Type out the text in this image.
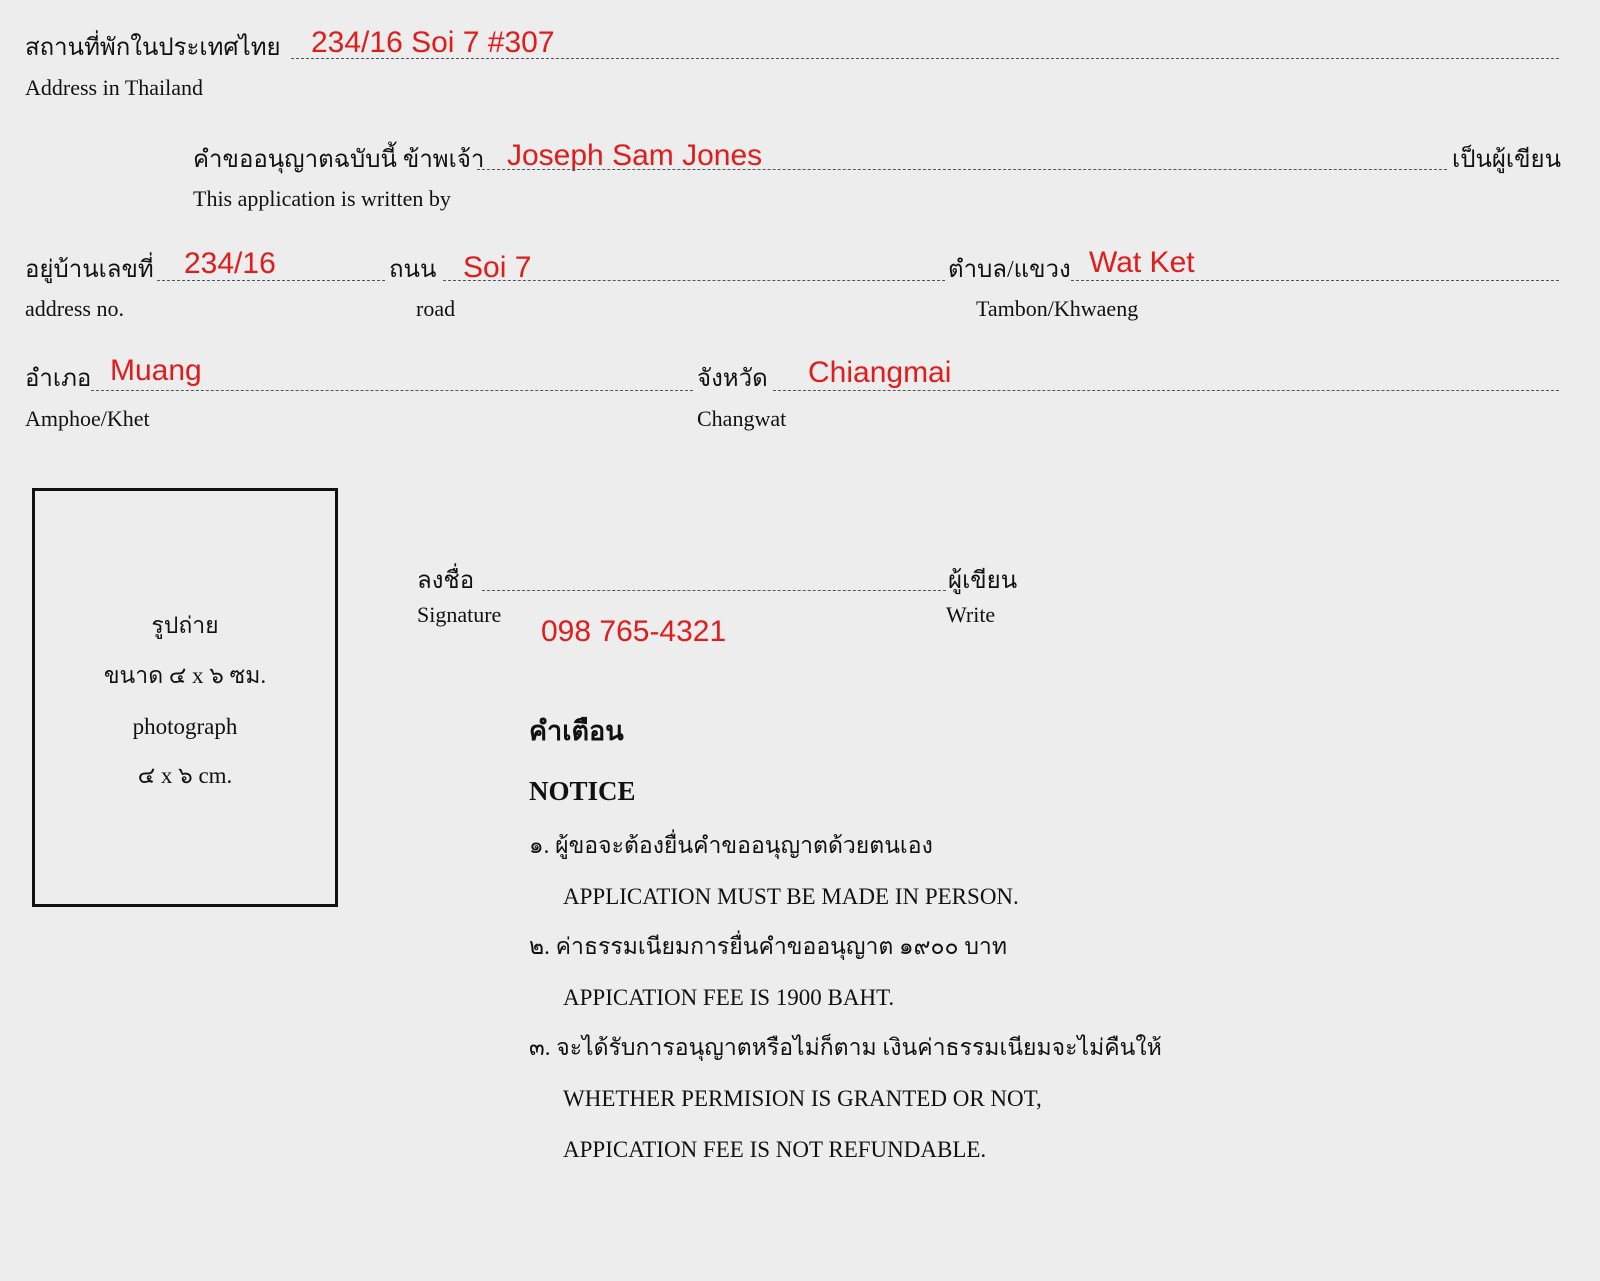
สถานที่พักในประเทศไทย 234/16 Soi 7 #307
Address in Thailand
คำขออนุญาตฉบับนี้ ข้าพเจ้า Joseph Sam Jones	เป็นผู้เขียน
This application is written by
อยู่บ้านเลขที่ 234/16
address no.
ถนน Soi 7
road
ตำบล/แขวง Wat Ket
Tambon/Khwaeng
อำเภอ Muang
Amphoe/Khet
จังหวัด Chiangmai
Changwat
รูปถ่าย
ขนาด ๔ x ๖ ซม.
photograph
๔ x ๖ cm.
ลงชื่อ	ผู้เขียน
Signature	Write
098 765-4321
คำเตือน
NOTICE
๑. ผู้ขอจะต้องยื่นคำขออนุญาตด้วยตนเอง
APPLICATION MUST BE MADE IN PERSON.
๒. ค่าธรรมเนียมการยื่นคำขออนุญาต ๑๙๐๐ บาท
APPICATION FEE IS 1900 BAHT.
๓. จะได้รับการอนุญาตหรือไม่ก็ตาม เงินค่าธรรมเนียมจะไม่คืนให้
WHETHER PERMISION IS GRANTED OR NOT,
APPICATION FEE IS NOT REFUNDABLE.
